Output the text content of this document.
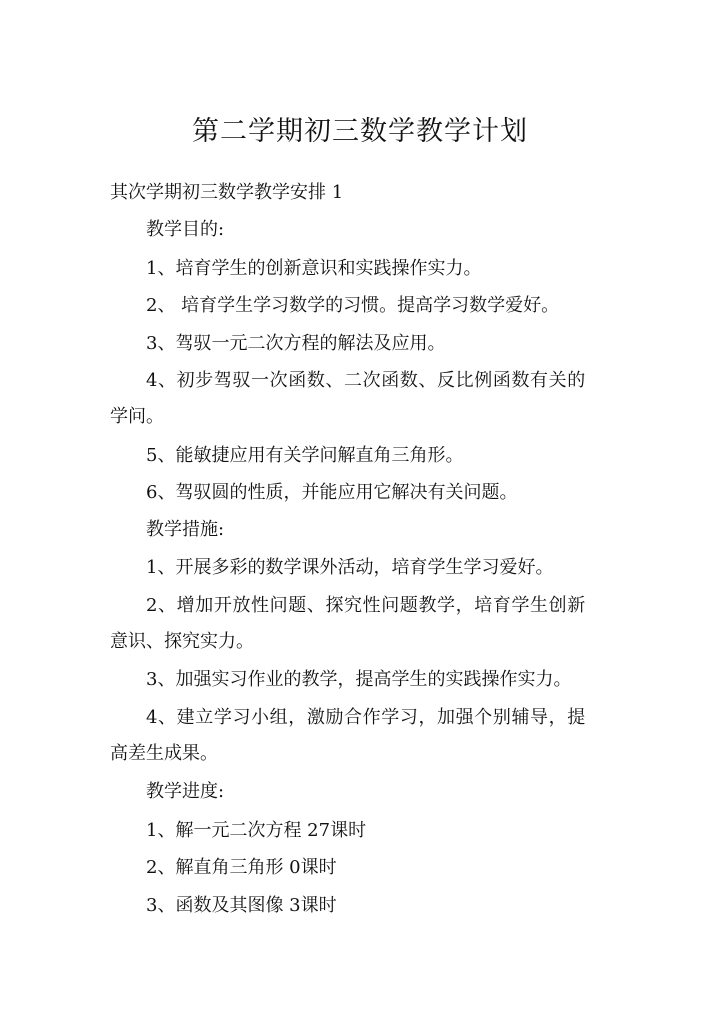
第二学期初三数学教学计划
其次学期初三数学教学安排 1
教学目的:
1、培育学生的创新意识和实践操作实力。
2、 培育学生学习数学的习惯。提高学习数学爱好。
3、驾驭一元二次方程的解法及应用。
4、初步驾驭一次函数、二次函数、反比例函数有关的
学问。
5、能敏捷应用有关学问解直角三角形。
6、驾驭圆的性质，并能应用它解决有关问题。
教学措施:
1、开展多彩的数学课外活动，培育学生学习爱好。
2、增加开放性问题、探究性问题教学，培育学生创新
意识、探究实力。
3、加强实习作业的教学，提高学生的实践操作实力。
4、建立学习小组，激励合作学习，加强个别辅导，提
高差生成果。
教学进度:
1、解一元二次方程 27课时
2、解直角三角形 0课时
3、函数及其图像 3课时
